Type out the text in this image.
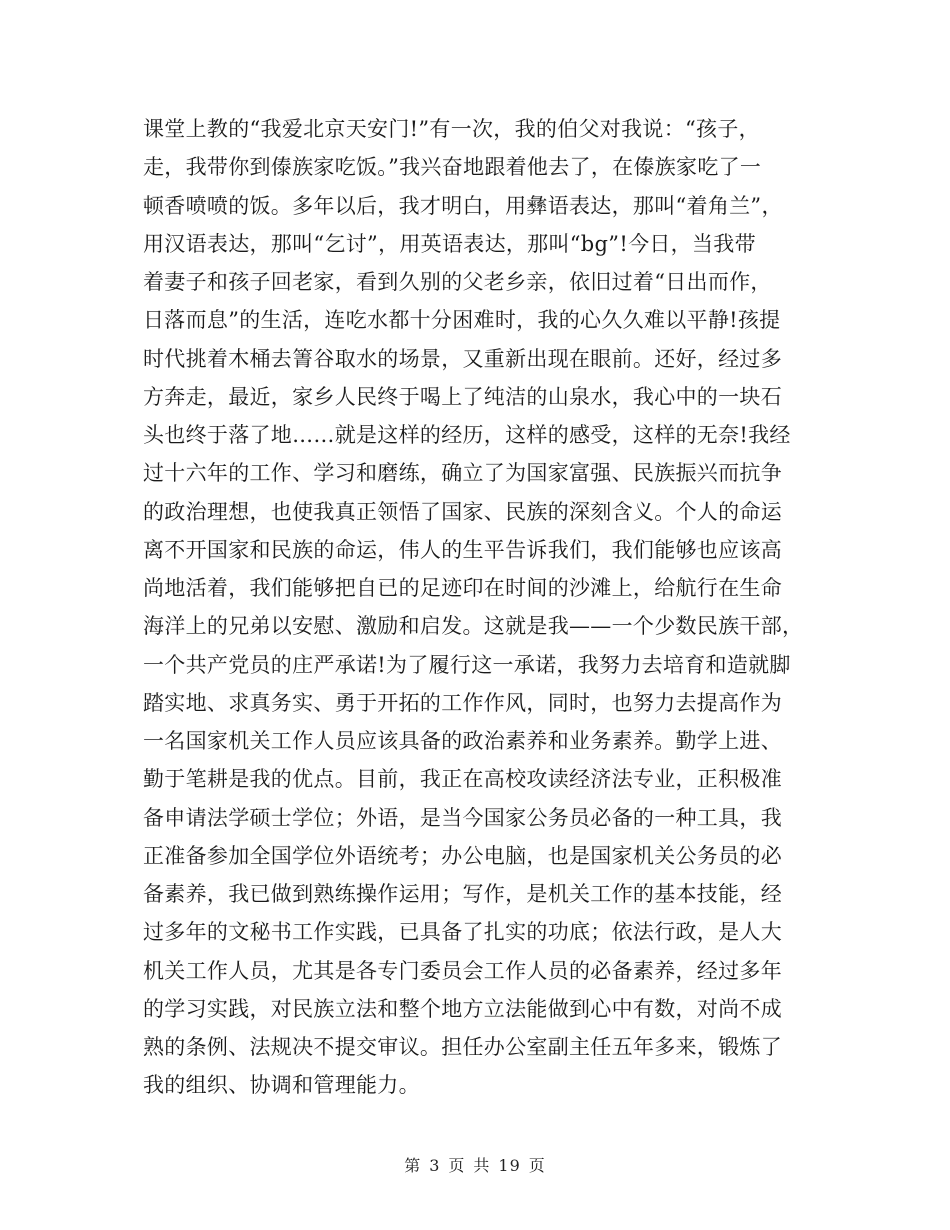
课堂上教的“我爱北京天安门!”有一次，我的伯父对我说：“孩子，
走，我带你到傣族家吃饭。”我兴奋地跟着他去了，在傣族家吃了一
顿香喷喷的饭。多年以后，我才明白，用彝语表达，那叫“着角兰”，
用汉语表达，那叫“乞讨”，用英语表达，那叫“bg”!今日，当我带
着妻子和孩子回老家，看到久别的父老乡亲，依旧过着“日出而作，
日落而息”的生活，连吃水都十分困难时，我的心久久难以平静!孩提
时代挑着木桶去箐谷取水的场景，又重新出现在眼前。还好，经过多
方奔走，最近，家乡人民终于喝上了纯洁的山泉水，我心中的一块石
头也终于落了地……就是这样的经历，这样的感受，这样的无奈!我经
过十六年的工作、学习和磨练，确立了为国家富强、民族振兴而抗争
的政治理想，也使我真正领悟了国家、民族的深刻含义。个人的命运
离不开国家和民族的命运，伟人的生平告诉我们，我们能够也应该高
尚地活着，我们能够把自已的足迹印在时间的沙滩上，给航行在生命
海洋上的兄弟以安慰、激励和启发。这就是我——一个少数民族干部，
一个共产党员的庄严承诺!为了履行这一承诺，我努力去培育和造就脚
踏实地、求真务实、勇于开拓的工作作风，同时，也努力去提高作为
一名国家机关工作人员应该具备的政治素养和业务素养。勤学上进、
勤于笔耕是我的优点。目前，我正在高校攻读经济法专业，正积极准
备申请法学硕士学位；外语，是当今国家公务员必备的一种工具，我
正准备参加全国学位外语统考；办公电脑，也是国家机关公务员的必
备素养，我已做到熟练操作运用；写作，是机关工作的基本技能，经
过多年的文秘书工作实践，已具备了扎实的功底；依法行政，是人大
机关工作人员，尤其是各专门委员会工作人员的必备素养，经过多年
的学习实践，对民族立法和整个地方立法能做到心中有数，对尚不成
熟的条例、法规决不提交审议。担任办公室副主任五年多来，锻炼了
我的组织、协调和管理能力。
第 3 页 共 19 页
